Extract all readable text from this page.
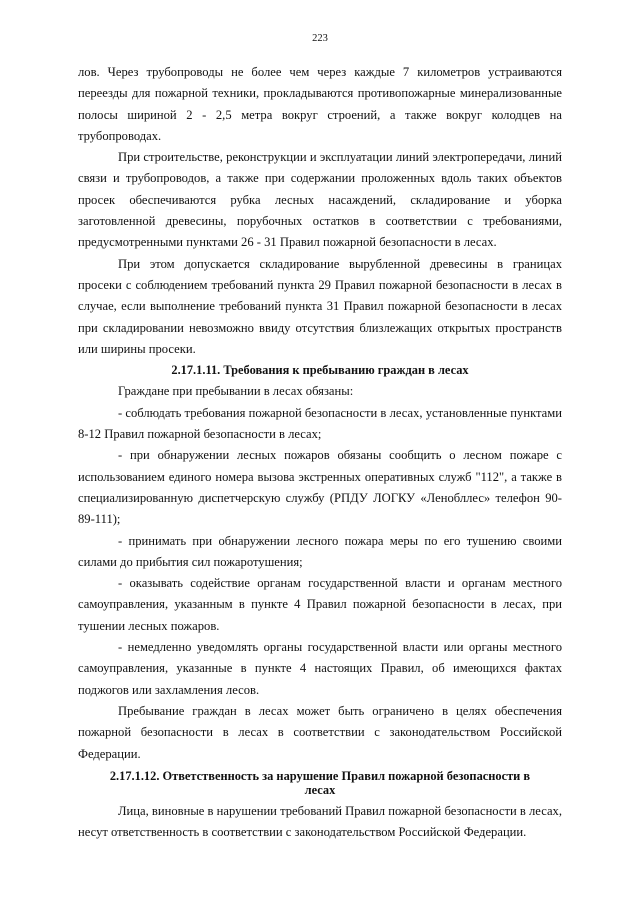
223

лов. Через трубопроводы не более чем через каждые 7 километров устраиваются переезды для пожарной техники, прокладываются противопожарные минерализованные полосы шириной 2 - 2,5 метра вокруг строений, а также вокруг колодцев на трубопроводах.

При строительстве, реконструкции и эксплуатации линий электропередачи, линий связи и трубопроводов, а также при содержании проложенных вдоль таких объектов просек обеспечиваются рубка лесных насаждений, складирование и уборка заготовленной древесины, порубочных остатков в соответствии с требованиями, предусмотренными пунктами 26 - 31 Правил пожарной безопасности в лесах.

При этом допускается складирование вырубленной древесины в границах просеки с соблюдением требований пункта 29 Правил пожарной безопасности в лесах в случае, если выполнение требований пункта 31 Правил пожарной безопасности в лесах при складировании невозможно ввиду отсутствия близлежащих открытых пространств или ширины просеки.

2.17.1.11. Требования к пребыванию граждан в лесах

Граждане при пребывании в лесах обязаны:

- соблюдать требования пожарной безопасности в лесах, установленные пунктами 8-12 Правил пожарной безопасности в лесах;

- при обнаружении лесных пожаров обязаны сообщить о лесном пожаре с использованием единого номера вызова экстренных оперативных служб "112", а также в специализированную диспетчерскую службу (РПДУ ЛОГКУ «Ленобллес» телефон 90-89-111);

- принимать при обнаружении лесного пожара меры по его тушению своими силами до прибытия сил пожаротушения;

- оказывать содействие органам государственной власти и органам местного самоуправления, указанным в пункте 4 Правил пожарной безопасности в лесах, при тушении лесных пожаров.

- немедленно уведомлять органы государственной власти или органы местного самоуправления, указанные в пункте 4 настоящих Правил, об имеющихся фактах поджогов или захламления лесов.

Пребывание граждан в лесах может быть ограничено в целях обеспечения пожарной безопасности в лесах в соответствии с законодательством Российской Федерации.

2.17.1.12. Ответственность за нарушение Правил пожарной безопасности в
лесах

Лица, виновные в нарушении требований Правил пожарной безопасности в лесах, несут ответственность в соответствии с законодательством Российской Федерации.
